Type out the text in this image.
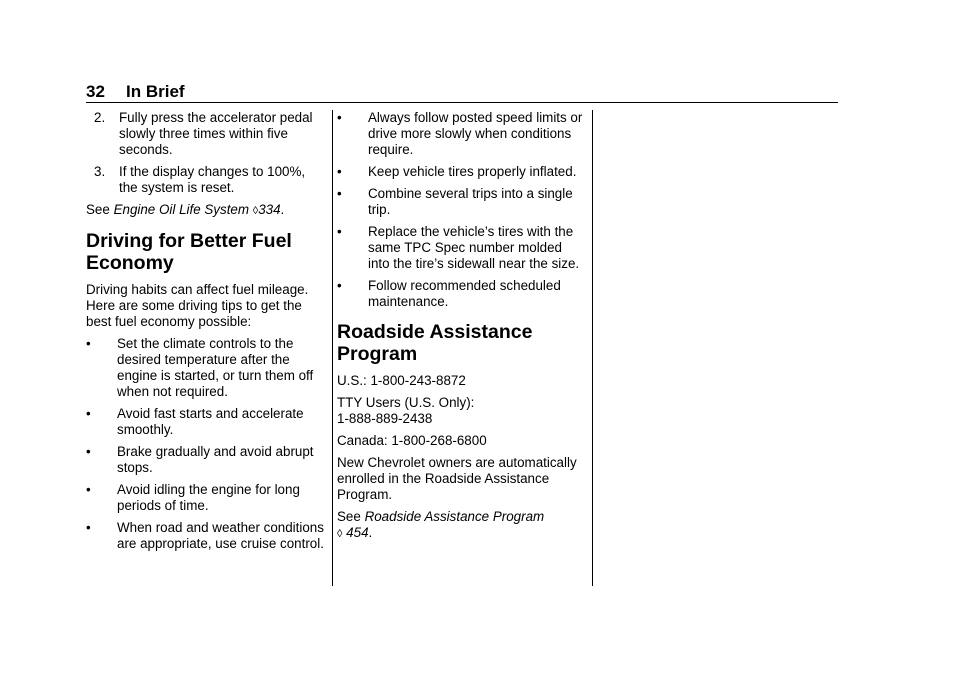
32 In Brief
2.	Fully press the accelerator pedal slowly three times within five seconds.
3.	If the display changes to 100%, the system is reset.

See Engine Oil Life System ◊334.

Driving for Better Fuel Economy

Driving habits can affect fuel mileage. Here are some driving tips to get the best fuel economy possible:

•	Set the climate controls to the desired temperature after the engine is started, or turn them off when not required.
•	Avoid fast starts and accelerate smoothly.
•	Brake gradually and avoid abrupt stops.
•	Avoid idling the engine for long periods of time.
•	When road and weather conditions are appropriate, use cruise control.
•	Always follow posted speed limits or drive more slowly when conditions require.
•	Keep vehicle tires properly inflated.
•	Combine several trips into a single trip.
•	Replace the vehicle’s tires with the same TPC Spec number molded into the tire’s sidewall near the size.
•	Follow recommended scheduled maintenance.
Roadside Assistance Program

U.S.: 1-800-243-8872

TTY Users (U.S. Only):
1-888-889-2438

Canada: 1-800-268-6800

New Chevrolet owners are automatically enrolled in the Roadside Assistance Program.

See Roadside Assistance Program
◊ 454.
